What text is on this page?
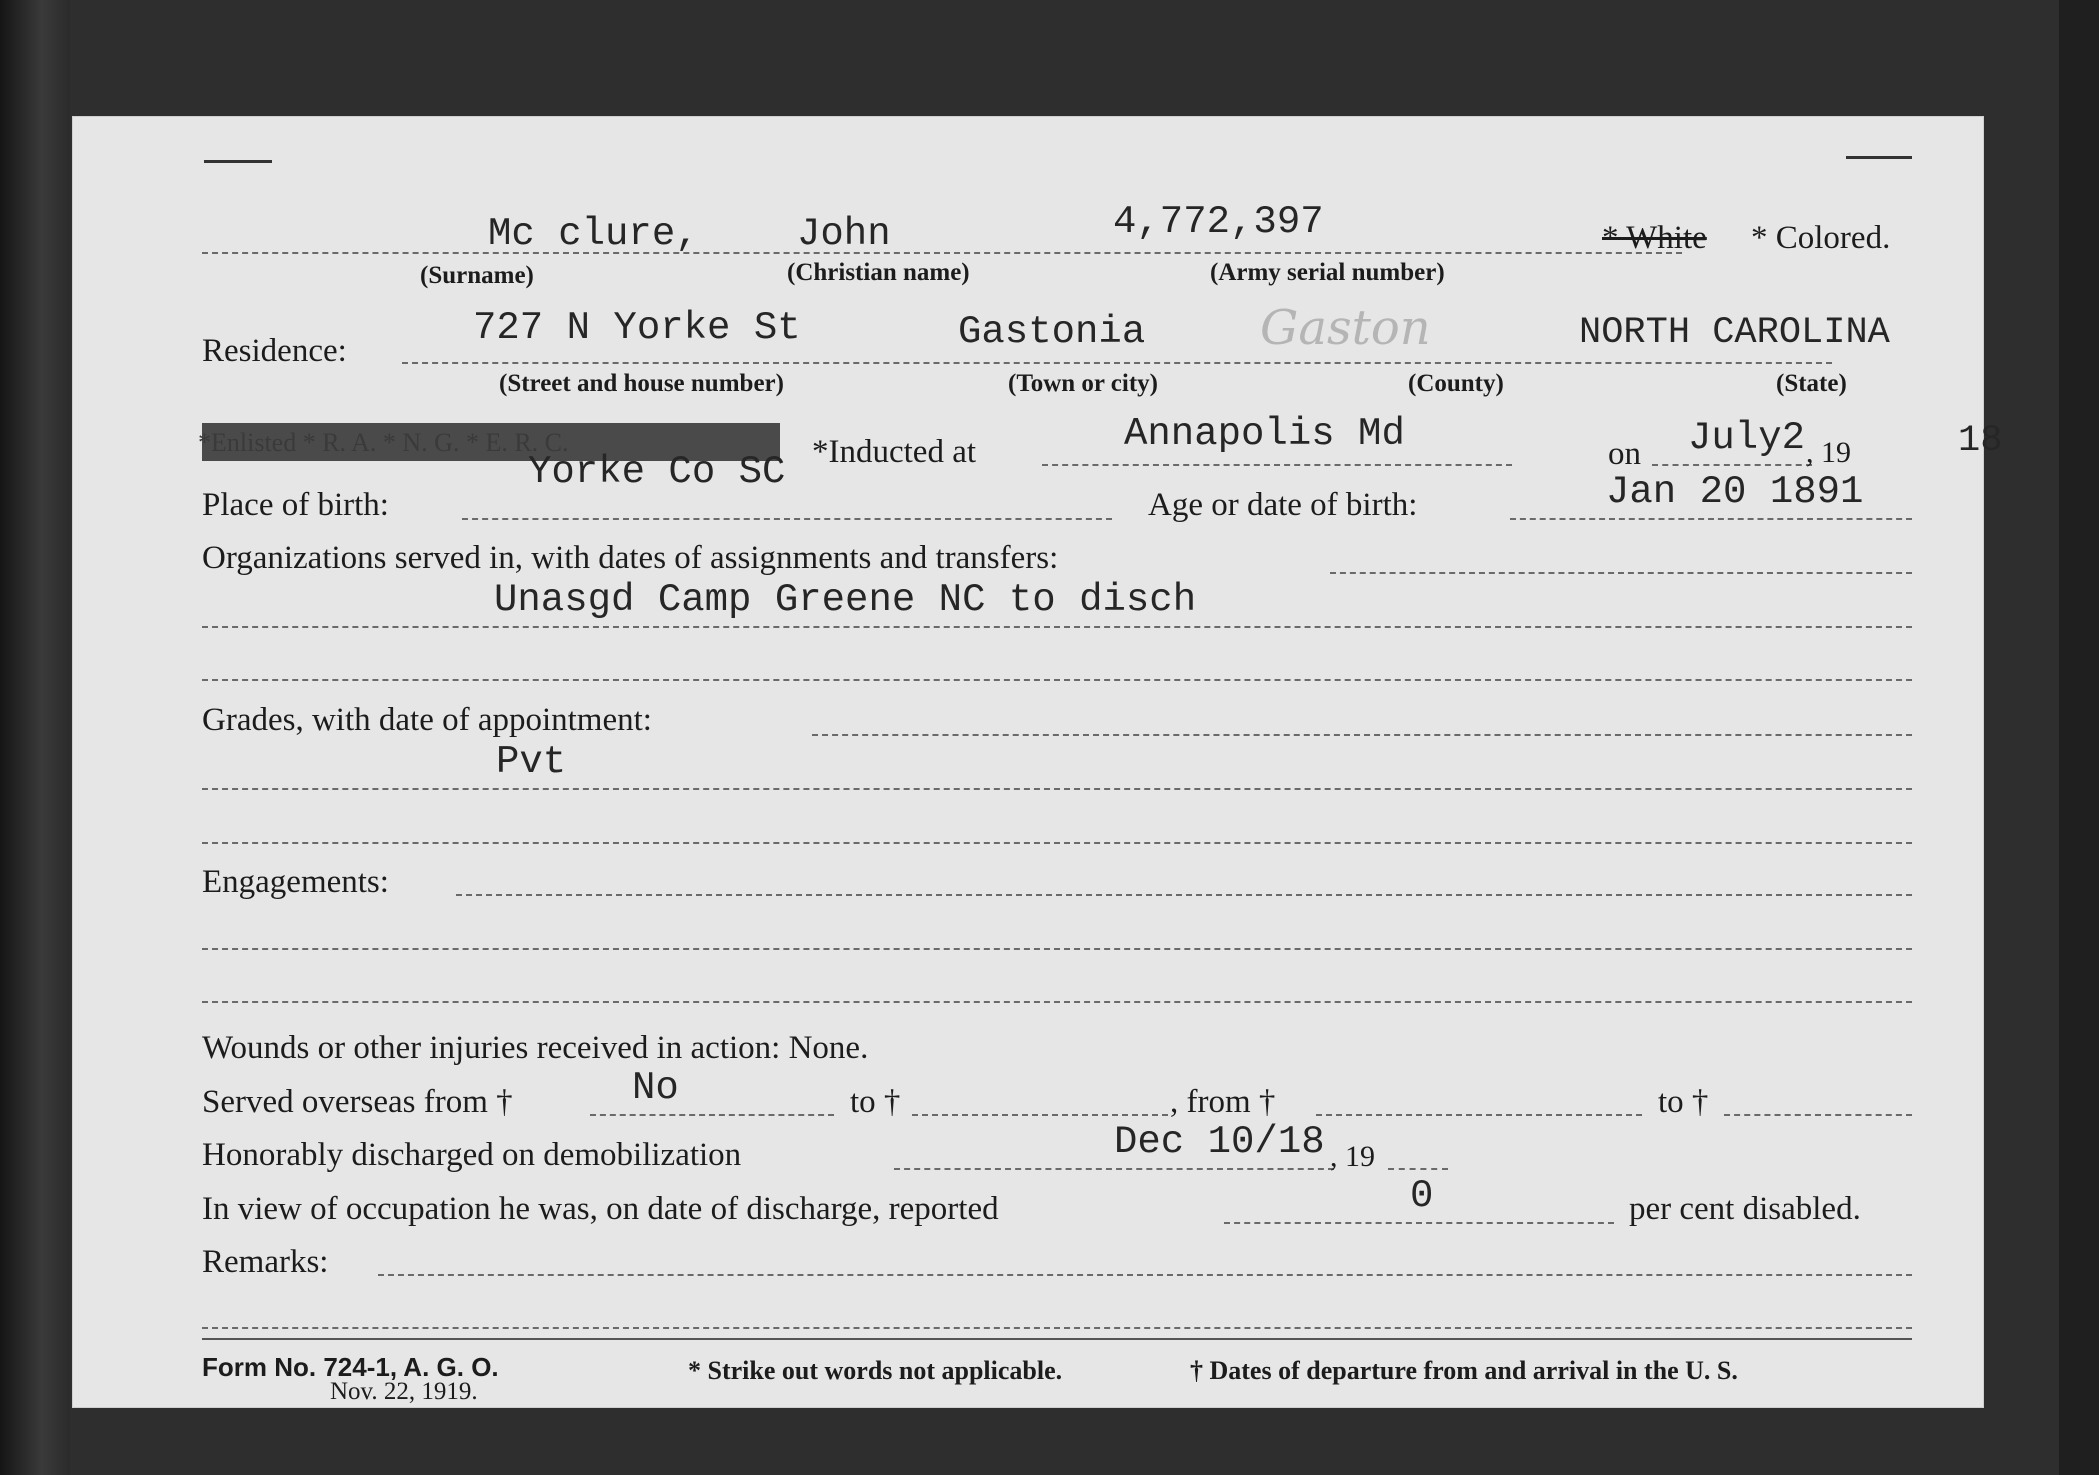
Mc clure,	John	4,772,397	* White * Colored.
(Surname)	(Christian name)	(Army serial number)
Residence:
727 N Yorke St	Gastonia Gaston	NORTH CAROLINA
(Street and house number)	(Town or city)	(County)	(State)
*Enlisted * R. A. * N. G. * E. R. C.	*Inducted at	Annapolis Md	on July2 , 19	18
Place of birth:
Yorke Co SC
Age or date of birth:	Jan 20 1891
Organizations served in, with dates of assignments and transfers:
Unasgd Camp Greene NC to disch
Grades, with date of appointment:
Pvt
Engagements:
Wounds or other injuries received in action: None.
Served overseas from †	No	to †	, from †	to †
Honorably discharged on demobilization	Dec 10/18 , 19
In view of occupation he was, on date of discharge, reported	0	per cent disabled.
Remarks:
Form No. 724-1, A. G. O.
Nov. 22, 1919.
* Strike out words not applicable.	† Dates of departure from and arrival in the U. S.
